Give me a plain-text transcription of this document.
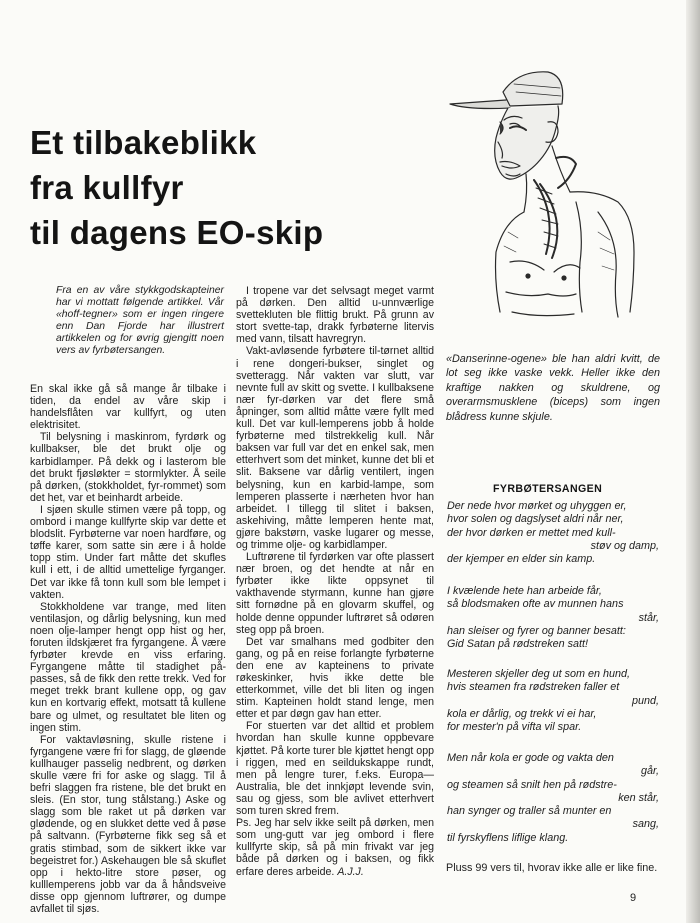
Et tilbakeblikk
fra kullfyr
til dagens EO-skip

Fra en av våre stykkgodskapteiner har vi mottatt følgende artikkel. Vår «hoff-tegner» som er ingen ringere enn Dan Fjorde har illustrert artikkelen og for øvrig gjengitt noen vers av fyrbøtersangen.

En skal ikke gå så mange år tilbake i tiden, da endel av våre skip i handelsflåten var kullfyrt, og uten elektrisitet.

Til belysning i maskinrom, fyrdørk og kullbakser, ble det brukt olje og karbidlamper. På dekk og i lasterom ble det brukt fjøsløkter = stormlykter. Å seile på dørken, (stokkholdet, fyr-rommet) som det het, var et beinhardt arbeide.

I sjøen skulle stimen være på topp, og ombord i mange kullfyrte skip var dette et blodslit. Fyrbøterne var noen hardføre, og tøffe karer, som satte sin ære i å holde topp stim. Under fart måtte det skufles kull i ett, i de alltid umettelige fyrganger. Det var ikke få tonn kull som ble lempet i vakten.

Stokkholdene var trange, med liten ventilasjon, og dårlig belysning, kun med noen olje-lamper hengt opp hist og her, foruten ildskjæret fra fyrgangene. Å være fyrbøter krevde en viss erfaring. Fyrgangene måtte til stadighet på-passes, så de fikk den rette trekk. Ved for meget trekk brant kullene opp, og gav kun en kortvarig effekt, motsatt tå kullene bare og ulmet, og resultatet ble liten og ingen stim.

For vaktavløsning, skulle ristene i fyrgangene være fri for slagg, de gløende kullhauger passelig nedbrent, og dørken skulle være fri for aske og slagg. Til å befri slaggen fra ristene, ble det brukt en sleis. (En stor, tung stålstang.) Aske og slagg som ble raket ut på dørken var glødende, og en slukket dette ved å pøse på saltvann. (Fyrbøterne fikk seg så et gratis stimbad, som de sikkert ikke var begeistret for.) Askehaugen ble så skuflet opp i hekto-litre store pøser, og kulllemperens jobb var da å håndsveive disse opp gjennom luftrører, og dumpe avfallet til sjøs.

I tropene var det selvsagt meget varmt på dørken. Den alltid u-unnværlige svettekluten ble flittig brukt. På grunn av stort svette-tap, drakk fyrbøterne litervis med vann, tilsatt havregryn.

Vakt-avløsende fyrbøtere til-tørnet alltid i rene dongeri-bukser, singlet og svetteragg. Når vakten var slutt, var nevnte full av skitt og svette. I kullbaksene nær fyr-dørken var det flere små åpninger, som alltid måtte være fyllt med kull. Det var kull-lemperens jobb å holde fyrbøterne med tilstrekkelig kull. Når baksen var full var det en enkel sak, men etterhvert som det minket, kunne det bli et slit. Baksene var dårlig ventilert, ingen belysning, kun en karbid-lampe, som lemperen plasserte i nærheten hvor han arbeidet. I tillegg til slitet i baksen, askehiving, måtte lemperen hente mat, gjøre bakstørn, vaske lugarer og messe, og trimme olje- og karbidlamper.

Luftrørene til fyrdørken var ofte plassert nær broen, og det hendte at når en fyrbøter ikke likte oppsynet til vakthavende styrmann, kunne han gjøre sitt fornødne på en glovarm skuffel, og holde denne oppunder luftrøret så odøren steg opp på broen.

Det var smalhans med godbiter den gang, og på en reise forlangte fyrbøterne den ene av kapteinens to private røkeskinker, hvis ikke dette ble etterkommet, ville det bli liten og ingen stim. Kapteinen holdt stand lenge, men etter et par døgn gav han etter.

For stuerten var det alltid et problem hvordan han skulle kunne oppbevare kjøttet. På korte turer ble kjøttet hengt opp i riggen, med en seildukskappe rundt, men på lengre turer, f.eks. Europa—Australia, ble det innkjøpt levende svin, sau og gjess, som ble avlivet etterhvert som turen skred frem.

Ps. Jeg har selv ikke seilt på dørken, men som ung-gutt var jeg ombord i flere kullfyrte skip, så på min frivakt var jeg både på dørken og i baksen, og fikk erfare deres arbeide. A.J.J.

«Danserinne-ogene» ble han aldri kvitt, de lot seg ikke vaske vekk. Heller ikke den kraftige nakken og skuldrene, og overarmsmusklene (biceps) som ingen blådress kunne skjule.

FYRBØTERSANGEN

Der nede hvor mørket og uhyggen er,
hvor solen og dagslyset aldri når ner,
der hvor dørken er mettet med kull-
støv og damp,
der kjemper en elder sin kamp.
I kvælende hete han arbeide får,
så blodsmaken ofte av munnen hans
står,
han sleiser og fyrer og banner besatt:
Gid Satan på rødstreken satt!
Mesteren skjeller deg ut som en hund,
hvis steamen fra rødstreken faller et
pund,
kola er dårlig, og trekk vi ei har,
for mester'n på vifta vil spar.
Men når kola er gode og vakta den
går,
og steamen så snilt hen på rødstre-
ken står,
han synger og traller så munter en
sang,
til fyrskyflens liflige klang.

Pluss 99 vers til, hvorav ikke alle er like fine.

9
